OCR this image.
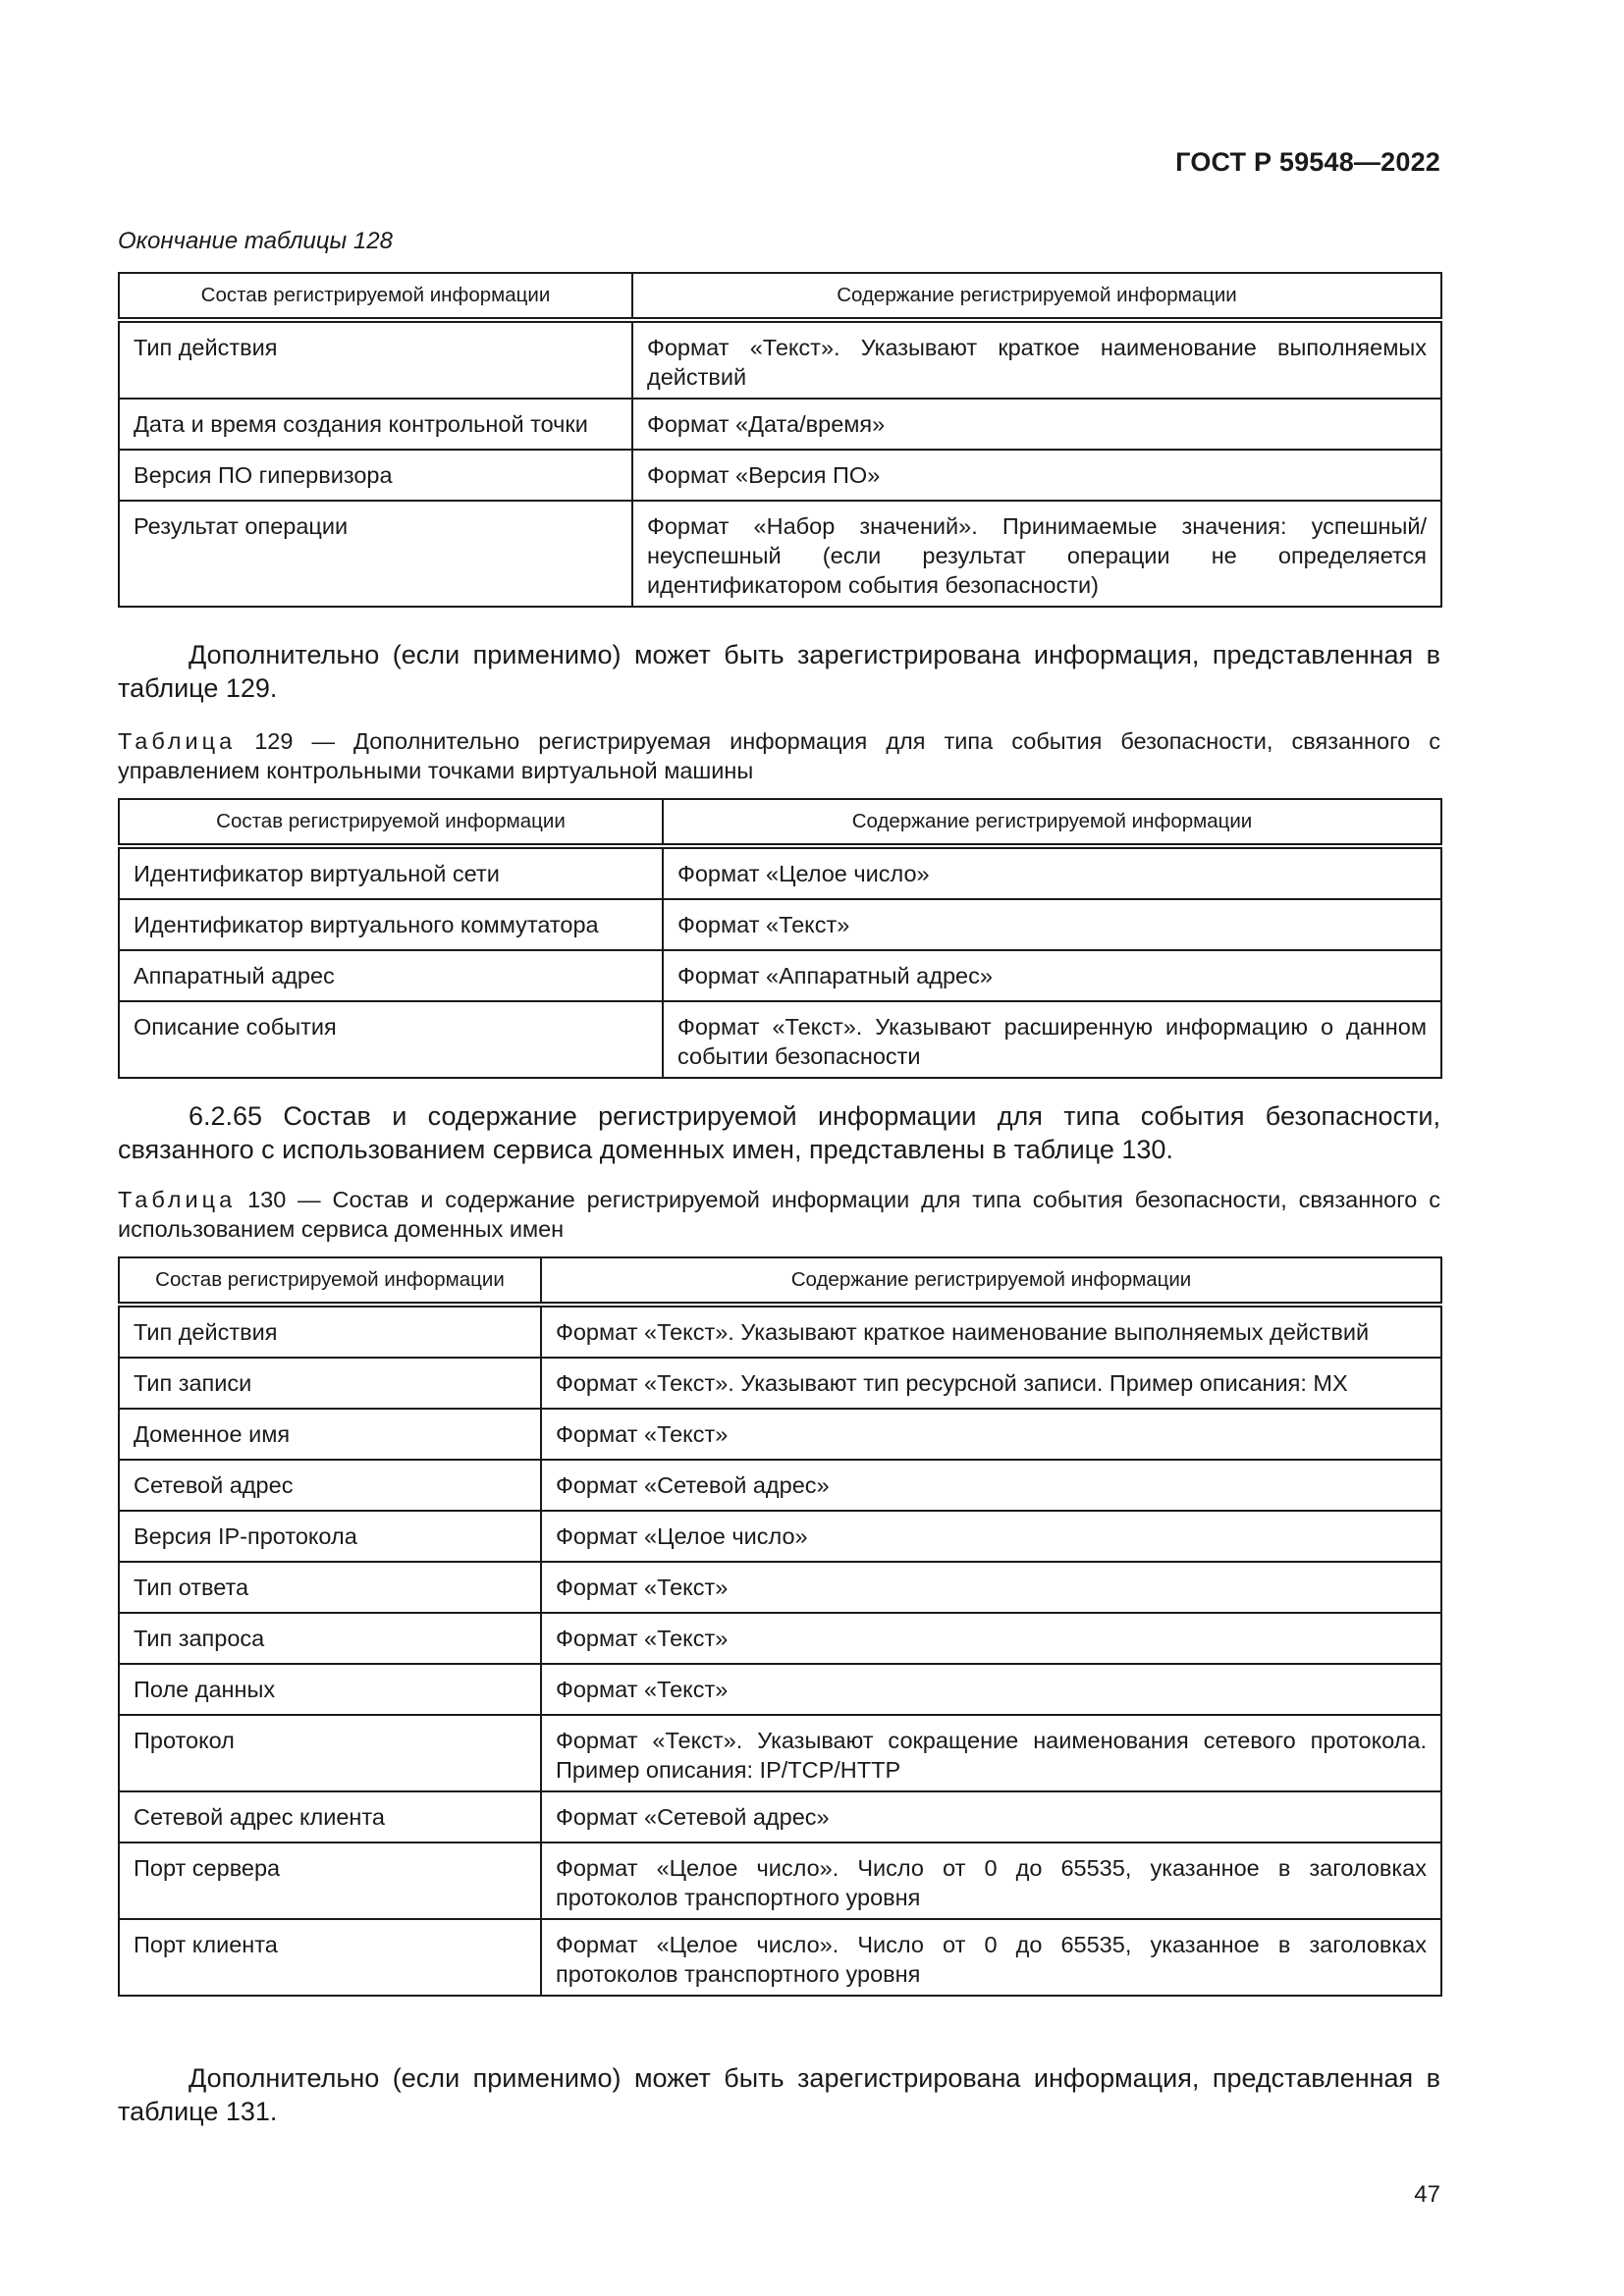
ГОСТ Р 59548—2022
Окончание таблицы 128
Состав регистрируемой информации	Содержание регистрируемой информации
Тип действия	Формат «Текст». Указывают краткое наименование выполняемых действий
Дата и время создания контрольной точки	Формат «Дата/время»
Версия ПО гипервизора	Формат «Версия ПО»
Результат операции	Формат «Набор значений». Принимаемые значения: успешный/неуспешный (если результат операции не определяется идентификатором события безопасности)

Дополнительно (если применимо) может быть зарегистрирована информация, представленная в таблице 129.

Таблица 129 — Дополнительно регистрируемая информация для типа события безопасности, связанного с управлением контрольными точками виртуальной машины
Состав регистрируемой информации	Содержание регистрируемой информации
Идентификатор виртуальной сети	Формат «Целое число»
Идентификатор виртуального коммутатора	Формат «Текст»
Аппаратный адрес	Формат «Аппаратный адрес»
Описание события	Формат «Текст». Указывают расширенную информацию о данном событии безопасности

6.2.65 Состав и содержание регистрируемой информации для типа события безопасности, связанного с использованием сервиса доменных имен, представлены в таблице 130.

Таблица 130 — Состав и содержание регистрируемой информации для типа события безопасности, связанного с использованием сервиса доменных имен
Состав регистрируемой информации	Содержание регистрируемой информации
Тип действия	Формат «Текст». Указывают краткое наименование выполняемых действий
Тип записи	Формат «Текст». Указывают тип ресурсной записи. Пример описания: MX
Доменное имя	Формат «Текст»
Сетевой адрес	Формат «Сетевой адрес»
Версия IP-протокола	Формат «Целое число»
Тип ответа	Формат «Текст»
Тип запроса	Формат «Текст»
Поле данных	Формат «Текст»
Протокол	Формат «Текст». Указывают сокращение наименования сетевого протокола. Пример описания: IP/TCP/HTTP
Сетевой адрес клиента	Формат «Сетевой адрес»
Порт сервера	Формат «Целое число». Число от 0 до 65535, указанное в заголовках протоколов транспортного уровня
Порт клиента	Формат «Целое число». Число от 0 до 65535, указанное в заголовках протоколов транспортного уровня

Дополнительно (если применимо) может быть зарегистрирована информация, представленная в таблице 131.

47
